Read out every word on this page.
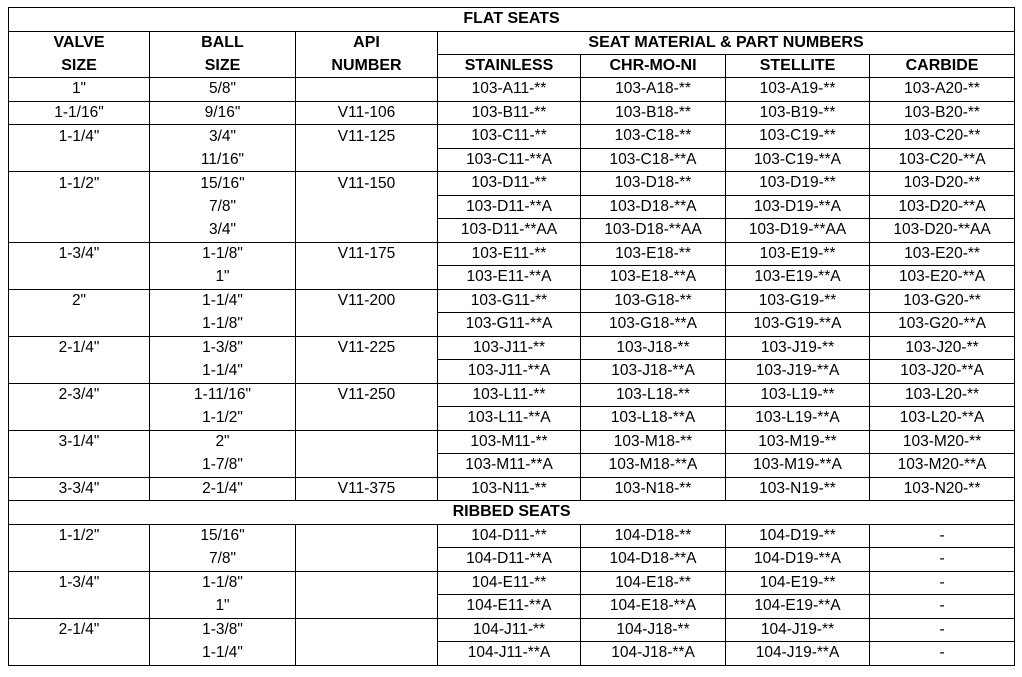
FLAT SEATS						
VALVE	BALL	API	SEAT MATERIAL & PART NUMBERS			
SIZE	SIZE	NUMBER	STAINLESS	CHR-MO-NI	STELLITE	CARBIDE
1"	5/8"		103-A11-**	103-A18-**	103-A19-**	103-A20-**
1-1/16"	9/16"	V11-106	103-B11-**	103-B18-**	103-B19-**	103-B20-**
1-1/4"	3/4"	V11-125	103-C11-**	103-C18-**	103-C19-**	103-C20-**
	11/16"		103-C11-**A	103-C18-**A	103-C19-**A	103-C20-**A
1-1/2"	15/16"	V11-150	103-D11-**	103-D18-**	103-D19-**	103-D20-**
	7/8"		103-D11-**A	103-D18-**A	103-D19-**A	103-D20-**A
	3/4"		103-D11-**AA	103-D18-**AA	103-D19-**AA	103-D20-**AA
1-3/4"	1-1/8"	V11-175	103-E11-**	103-E18-**	103-E19-**	103-E20-**
	1"		103-E11-**A	103-E18-**A	103-E19-**A	103-E20-**A
2"	1-1/4"	V11-200	103-G11-**	103-G18-**	103-G19-**	103-G20-**
	1-1/8"		103-G11-**A	103-G18-**A	103-G19-**A	103-G20-**A
2-1/4"	1-3/8"	V11-225	103-J11-**	103-J18-**	103-J19-**	103-J20-**
	1-1/4"		103-J11-**A	103-J18-**A	103-J19-**A	103-J20-**A
2-3/4"	1-11/16"	V11-250	103-L11-**	103-L18-**	103-L19-**	103-L20-**
	1-1/2"		103-L11-**A	103-L18-**A	103-L19-**A	103-L20-**A
3-1/4"	2"		103-M11-**	103-M18-**	103-M19-**	103-M20-**
	1-7/8"		103-M11-**A	103-M18-**A	103-M19-**A	103-M20-**A
3-3/4"	2-1/4"	V11-375	103-N11-**	103-N18-**	103-N19-**	103-N20-**
RIBBED SEATS						
1-1/2"	15/16"		104-D11-**	104-D18-**	104-D19-**	-
	7/8"		104-D11-**A	104-D18-**A	104-D19-**A	-
1-3/4"	1-1/8"		104-E11-**	104-E18-**	104-E19-**	-
	1"		104-E11-**A	104-E18-**A	104-E19-**A	-
2-1/4"	1-3/8"		104-J11-**	104-J18-**	104-J19-**	-
	1-1/4"		104-J11-**A	104-J18-**A	104-J19-**A	-
